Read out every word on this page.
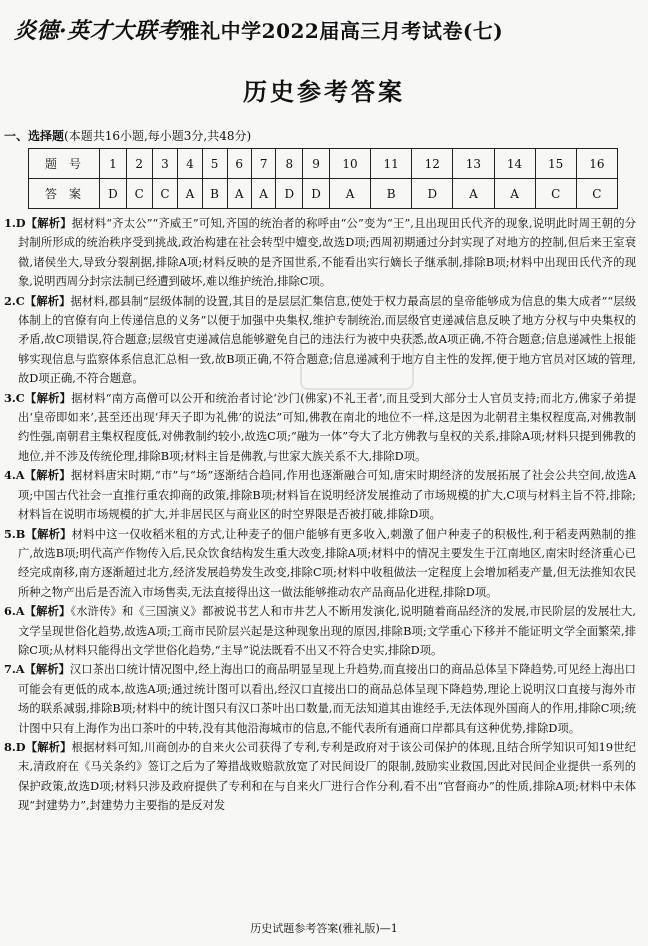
炎德·英才大联考雅礼中学2022届高三月考试卷(七)
历史参考答案
一、选择题(本题共16小题,每小题3分,共48分)
题号	1	2	3	4	5	6	7	8	9	10	11	12	13	14	15	16
答案	D	C	C	A	B	A	A	D	D	A	B	D	A	A	C	C

1.D【解析】据材料“齐太公”“齐威王”可知,齐国的统治者的称呼由“公”变为“王”,且出现田氏代齐的现象,说明此时周王朝的分封制所形成的统治秩序受到挑战,政治构建在社会转型中嬗变,故选D项;西周初期通过分封实现了对地方的控制,但后来王室衰微,诸侯坐大,导致分裂割据,排除A项;材料反映的是齐国世系,不能看出实行嫡长子继承制,排除B项;材料中出现田氏代齐的现象,说明西周分封宗法制已经遭到破坏,难以维护统治,排除C项。

2.C【解析】据材料,郡县制“层级体制的设置,其目的是层层汇集信息,使处于权力最高层的皇帝能够成为信息的集大成者”“层级体制上的官僚有向上传递信息的义务”以便于加强中央集权,维护专制统治,而层级官吏递减信息反映了地方分权与中央集权的矛盾,故C项错误,符合题意;层级官吏递减信息能够避免自己的违法行为被中央获悉,故A项正确,不符合题意;信息递减性上报能够实现信息与监察体系信息汇总相一致,故B项正确,不符合题意;信息递减利于地方自主性的发挥,便于地方官员对区域的管理,故D项正确,不符合题意。

3.C【解析】据材料“南方高僧可以公开和统治者讨论‘沙门(佛家)不礼王者’,而且受到大部分士人官员支持;而北方,佛家子弟提出‘皇帝即如来’,甚至还出现‘拜天子即为礼佛’的说法”可知,佛教在南北的地位不一样,这是因为北朝君主集权程度高,对佛教制约性强,南朝君主集权程度低,对佛教制约较小,故选C项;“融为一体”夸大了北方佛教与皇权的关系,排除A项;材料只提到佛教的地位,并不涉及传统伦理,排除B项;材料主旨是佛教,与世家大族关系不大,排除D项。

4.A【解析】据材料唐宋时期,“市”与“场”逐渐结合趋同,作用也逐渐融合可知,唐宋时期经济的发展拓展了社会公共空间,故选A项;中国古代社会一直推行重农抑商的政策,排除B项;材料旨在说明经济发展推动了市场规模的扩大,C项与材料主旨不符,排除;材料旨在说明市场规模的扩大,并非居民区与商业区的时空界限是否被打破,排除D项。

5.B【解析】材料中这一仅收稻米租的方式,让种麦子的佃户能够有更多收入,刺激了佃户种麦子的积极性,利于稻麦两熟制的推广,故选B项;明代高产作物传入后,民众饮食结构发生重大改变,排除A项;材料中的情况主要发生于江南地区,南宋时经济重心已经完成南移,南方逐渐超过北方,经济发展趋势发生改变,排除C项;材料中收租做法一定程度上会增加稻麦产量,但无法推知农民所种之物产出后是否流入市场售卖,无法直接得出这一做法能够推动农产品商品化进程,排除D项。

6.A【解析】《水浒传》和《三国演义》都被说书艺人和市井艺人不断用发演化,说明随着商品经济的发展,市民阶层的发展壮大,文学呈现世俗化趋势,故选A项;工商市民阶层兴起是这种现象出现的原因,排除B项;文学重心下移并不能证明文学全面繁荣,排除C项;从材料只能得出文学世俗化趋势,“主导”说法既看不出又不符合史实,排除D项。

7.A【解析】汉口茶出口统计情况图中,经上海出口的商品明显呈现上升趋势,而直接出口的商品总体呈下降趋势,可见经上海出口可能会有更低的成本,故选A项;通过统计图可以看出,经汉口直接出口的商品总体呈现下降趋势,理论上说明汉口直接与海外市场的联系减弱,排除B项;材料中的统计图只有汉口茶叶出口数量,而无法知道其由谁经手,无法体现外国商人的作用,排除C项;统计图中只有上海作为出口茶叶的中转,没有其他沿海城市的信息,不能代表所有通商口岸都具有这种优势,排除D项。

8.D【解析】根据材料可知,川商创办的自来火公司获得了专利,专利是政府对于该公司保护的体现,且结合所学知识可知19世纪末,清政府在《马关条约》签订之后为了筹措战败赔款放宽了对民间设厂的限制,鼓励实业救国,因此对民间企业提供一系列的保护政策,故选D项;材料只涉及政府提供了专利和在与自来火厂进行合作分利,看不出“官督商办”的性质,排除A项;材料中未体现“封建势力”,封建势力主要指的是反对发

历史试题参考答案(雅礼版)—1
